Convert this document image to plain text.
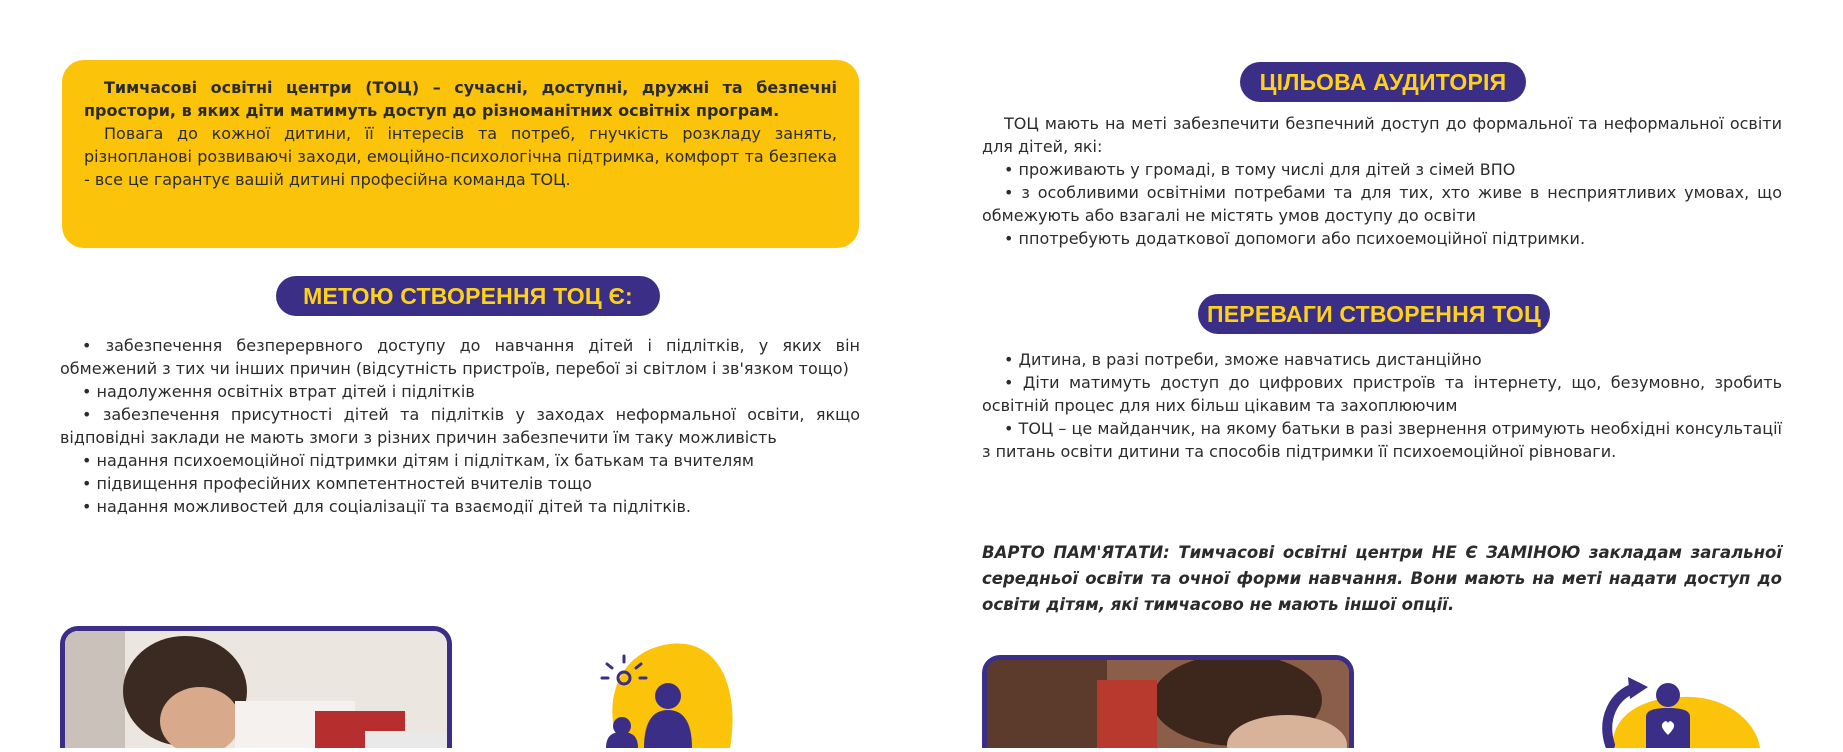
Тимчасові освітні центри (ТОЦ) – сучасні, доступні, дружні та безпечні простори, в яких діти матимуть доступ до різноманітних освітніх програм.

Повага до кожної дитини, її інтересів та потреб, гнучкість розкладу занять, різнопланові розвиваючі заходи, емоційно-психологічна підтримка, комфорт та безпека - все це гарантує вашій дитині професійна команда ТОЦ.

МЕТОЮ СТВОРЕННЯ ТОЦ Є:

• забезпечення безперервного доступу до навчання дітей і підлітків, у яких він обмежений з тих чи інших причин (відсутність пристроїв, перебої зі світлом і зв'язком тощо)

• надолуження освітніх втрат дітей і підлітків

• забезпечення присутності дітей та підлітків у заходах неформальної освіти, якщо відповідні заклади не мають змоги з різних причин забезпечити їм таку можливість

• надання психоемоційної підтримки дітям і підліткам, їх батькам та вчителям

• підвищення професійних компетентностей вчителів тощо

• надання можливостей для соціалізації та взаємодії дітей та підлітків.

ЦІЛЬОВА АУДИТОРІЯ

ТОЦ мають на меті забезпечити безпечний доступ до формальної та неформальної освіти для дітей, які:

• проживають у громаді, в тому числі для дітей з сімей ВПО

• з особливими освітніми потребами та для тих, хто живе в несприятливих умовах, що обмежують або взагалі не містять умов доступу до освіти

• ппотребують додаткової допомоги або психоемоційної підтримки.

ПЕРЕВАГИ СТВОРЕННЯ ТОЦ

• Дитина, в разі потреби, зможе навчатись дистанційно

• Діти матимуть доступ до цифрових пристроїв та інтернету, що, безумовно, зробить освітній процес для них більш цікавим та захоплюючим

• ТОЦ – це майданчик, на якому батьки в разі звернення отримують необхідні консультації з питань освіти дитини та способів підтримки її психоемоційної рівноваги.

ВАРТО ПАМ'ЯТАТИ: Тимчасові освітні центри НЕ Є ЗАМІНОЮ закладам загальної середньої освіти та очної форми навчання. Вони мають на меті надати доступ до освіти дітям, які тимчасово не мають іншої опції.
